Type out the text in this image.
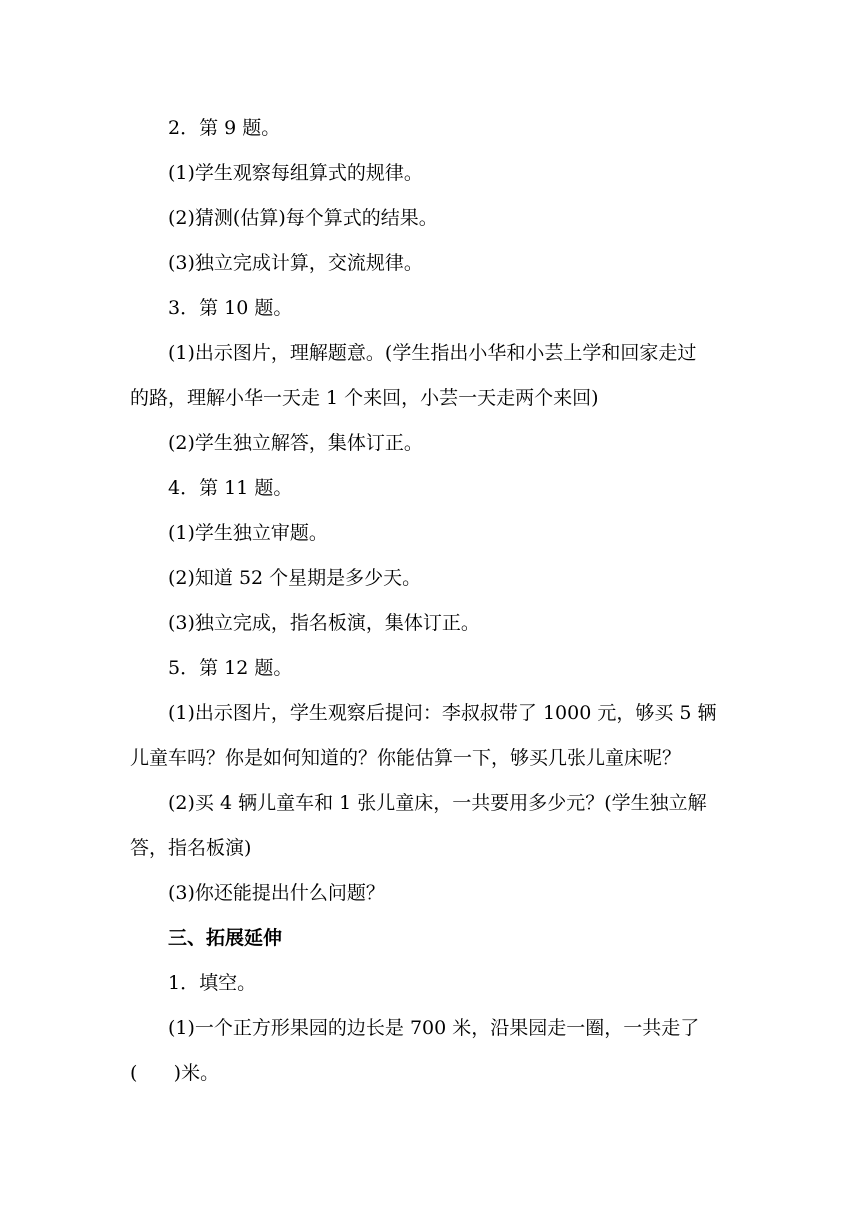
2．第 9 题。
(1)学生观察每组算式的规律。
(2)猜测(估算)每个算式的结果。
(3)独立完成计算，交流规律。
3．第 10 题。
(1)出示图片，理解题意。(学生指出小华和小芸上学和回家走过
的路，理解小华一天走 1 个来回，小芸一天走两个来回)
(2)学生独立解答，集体订正。
4．第 11 题。
(1)学生独立审题。
(2)知道 52 个星期是多少天。
(3)独立完成，指名板演，集体订正。
5．第 12 题。
(1)出示图片，学生观察后提问：李叔叔带了 1000 元，够买 5 辆
儿童车吗？你是如何知道的？你能估算一下，够买几张儿童床呢？
(2)买 4 辆儿童车和 1 张儿童床，一共要用多少元？(学生独立解
答，指名板演)
(3)你还能提出什么问题？
三、拓展延伸
1．填空。
(1)一个正方形果园的边长是 700 米，沿果园走一圈，一共走了
(      )米。
